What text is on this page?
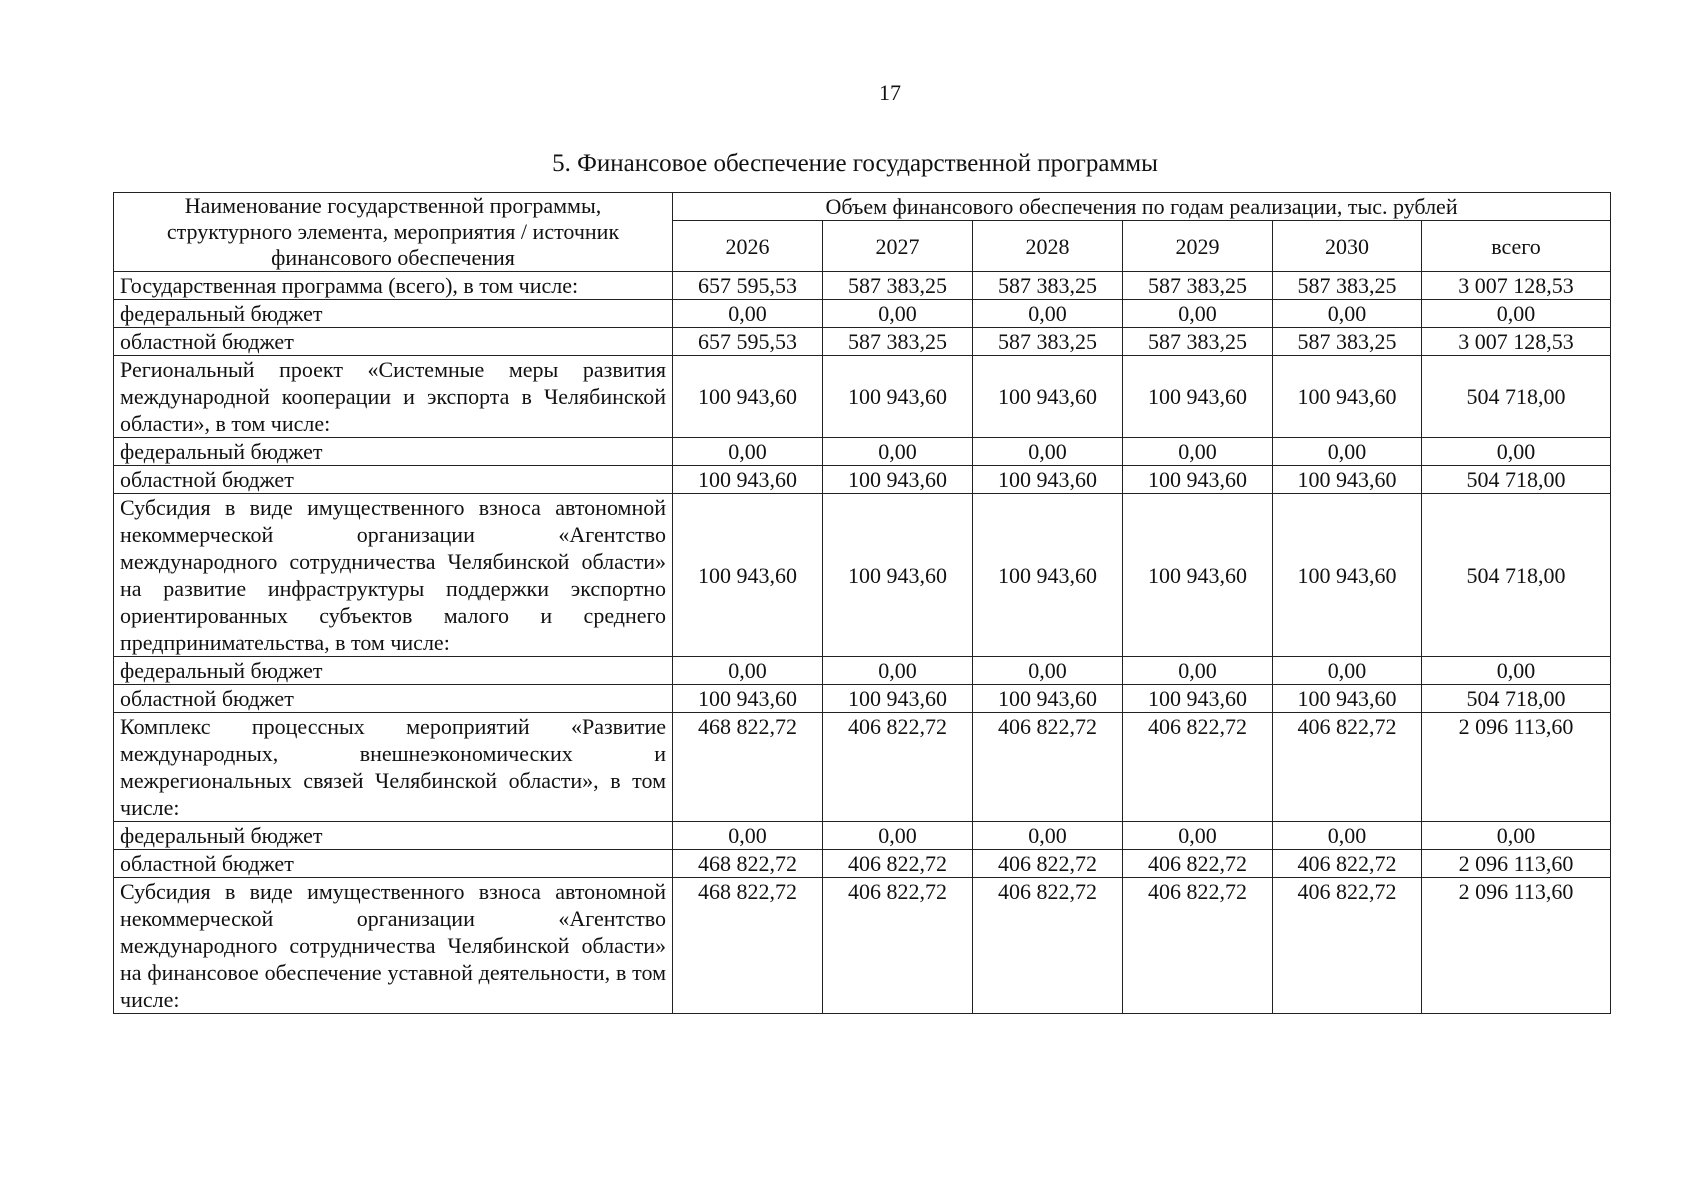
17
5. Финансовое обеспечение государственной программы
Наименование государственной программы, структурного элемента, мероприятия / источник финансового обеспечения	Объем финансового обеспечения по годам реализации, тыс. рублей					
	2026	2027	2028	2029	2030	всего
Государственная программа (всего), в том числе:	657 595,53	587 383,25	587 383,25	587 383,25	587 383,25	3 007 128,53
федеральный бюджет	0,00	0,00	0,00	0,00	0,00	0,00
областной бюджет	657 595,53	587 383,25	587 383,25	587 383,25	587 383,25	3 007 128,53
Региональный проект «Системные меры развития международной кооперации и экспорта в Челябинской области», в том числе:	100 943,60	100 943,60	100 943,60	100 943,60	100 943,60	504 718,00
федеральный бюджет	0,00	0,00	0,00	0,00	0,00	0,00
областной бюджет	100 943,60	100 943,60	100 943,60	100 943,60	100 943,60	504 718,00
Субсидия в виде имущественного взноса автономной некоммерческой организации «Агентство международного сотрудничества Челябинской области» на развитие инфраструктуры поддержки экспортно ориентированных субъектов малого и среднего предпринимательства, в том числе:	100 943,60	100 943,60	100 943,60	100 943,60	100 943,60	504 718,00
федеральный бюджет	0,00	0,00	0,00	0,00	0,00	0,00
областной бюджет	100 943,60	100 943,60	100 943,60	100 943,60	100 943,60	504 718,00
Комплекс процессных мероприятий «Развитие международных, внешнеэкономических и межрегиональных связей Челябинской области», в том числе:	468 822,72	406 822,72	406 822,72	406 822,72	406 822,72	2 096 113,60
федеральный бюджет	0,00	0,00	0,00	0,00	0,00	0,00
областной бюджет	468 822,72	406 822,72	406 822,72	406 822,72	406 822,72	2 096 113,60
Субсидия в виде имущественного взноса автономной некоммерческой организации «Агентство международного сотрудничества Челябинской области» на финансовое обеспечение уставной деятельности, в том числе:	468 822,72	406 822,72	406 822,72	406 822,72	406 822,72	2 096 113,60
